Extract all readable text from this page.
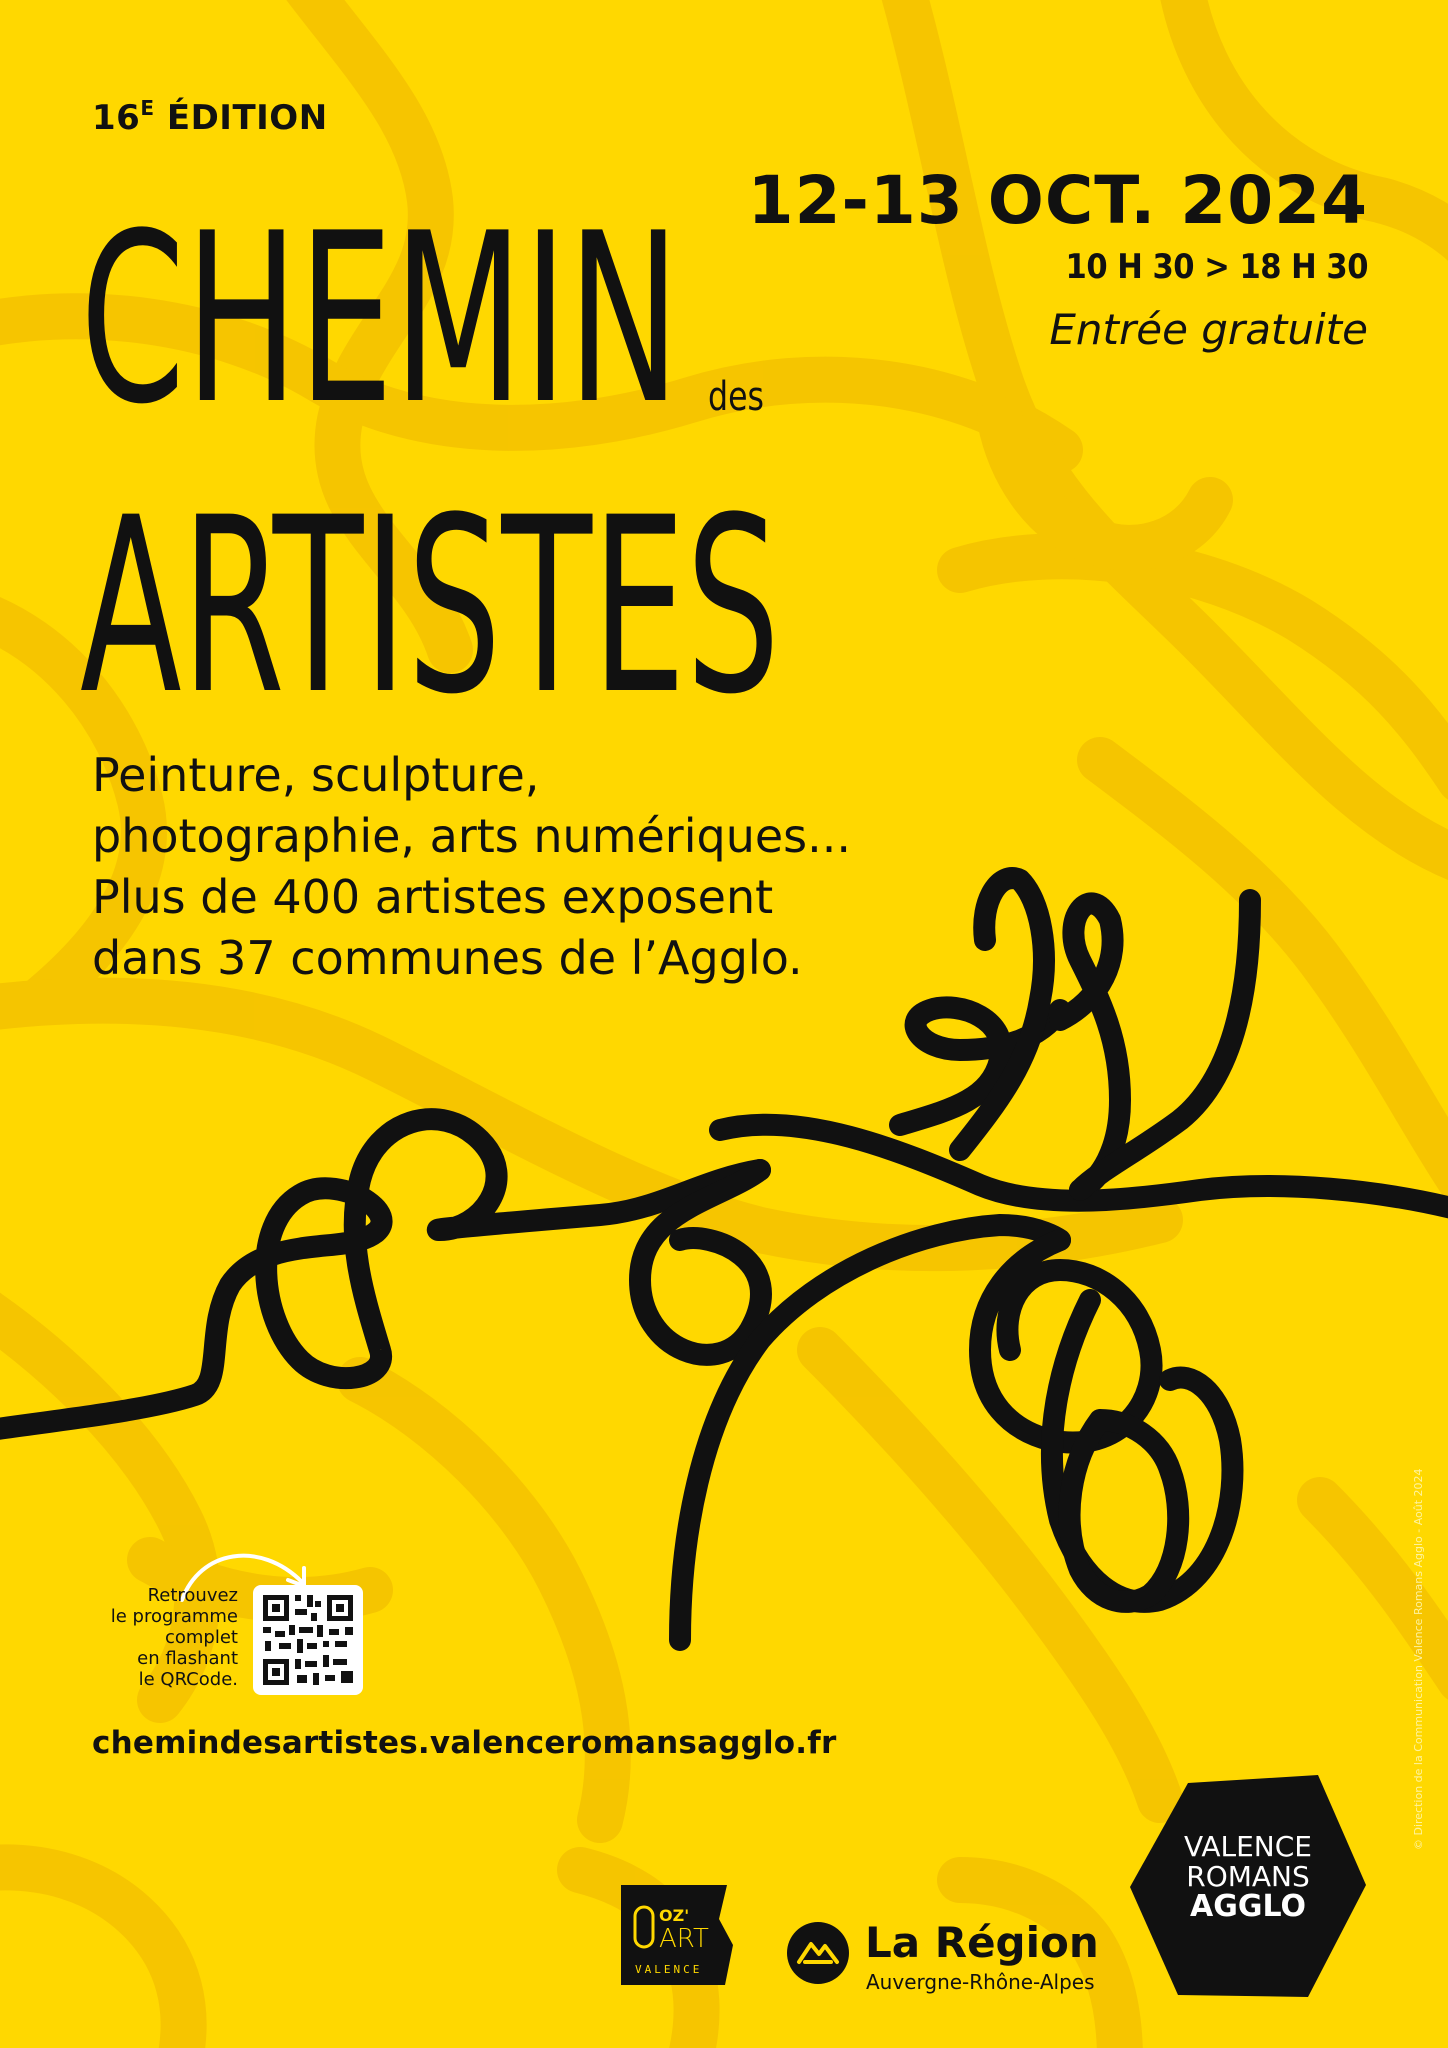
$16^E$ ÉDITION
CHEMIN des
ARTISTES
12-13 OCT. 2024
10 H 30 > 18 H 30
Entrée gratuite
Peinture, sculpture,
photographie, arts numériques...
Plus de 400 artistes exposent
dans 37 communes de l’Agglo.
Retrouvez
le programme
complet
en flashant
le QRCode.
chemindesartistes.valenceromansagglo.fr
OZ'
ART
VALENCE
La Région
Auvergne-Rhône-Alpes
VALENCE
ROMANS
AGGLO
© Direction de la Communication Valence Romans Agglo - Août 2024
